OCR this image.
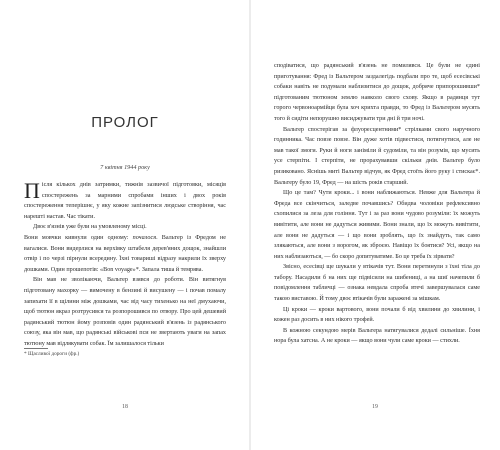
ПРОЛОГ
7 квітня 1944 року

Після кількох днів затримки, тижнів зазвичої підготовки, місяців спостережень за марними спробами інших і двох років спостереження теперішнє, у яку кожне запізнитися людське створіння, час нарешті настав. Час тікати.

Двоє в'язнів уже були на умовленому місці.

Вони мовчки кивнули один одному: почалося. Вальтер із Фредом не вагалися. Вони видерлися на верхівку штабеля дерев'яних дощок, знайшли отвір і по черзі пірнули всередину. Їхні товариші відразу накрили їх зверху дошками. Один прошепотів: «Bon voyage»*. Запала тиша й темрява.

Він мав не зволікаючи, Вальтер взявся до роботи. Він витягнув підготовану махорку — вимочену в бензині й висушену — і почав помалу запихати її в щілини між дошками, час від часу тихенько на неї дмухаючи, щоб тютюн якраз розтрусився та розпорошився по отвору. Про цей дешевий радянський тютюн йому розповів один радянський в'язень із радянського союзу, яка він мав, що радянські військові пси не звертають уваги на запах тютюну мав відлякувати собак. Їм залишалося тільки

* Щасливої дороги (фр.)
18

сподіватися, що радянський в'язень не помилявся. Це були не єдині приготування: Фред із Вальтером заздалегідь подбали про те, щоб есесівські собаки навіть не подумали наблизитися до дощок, добряче припорошивши* підготованим тютюном землю навколо свого схову. Якщо в радянця тут горого червоноармійця була хоч крихта правди, то Фред із Вальтером мусять того й сидіти непорушно висиджувати три дні й три ночі.

Вальтер спостерігав за флуоресцентними* стрілками свого наручного годинника. Час повзе повзе. Він дуже хотів підвестися, потягнутися, але не мав такої змоги. Руки й ноги заніміли й судоміли, та він розумів, що мусить усе стерпіти. І стерпіти, не прорахувавши скільки днів. Вальтер було ризиковано. Яснішь миті Вальтер відчув, як Фред стоїть його руку і стискає*. Вальтеру було 19, Фред — на шість років старший.

Що це там? Чути кроки... і вони наближаються. Невже для Вальтера й Фреда все скінчиться, заледве почавшись? Обидва чоловіки рефлексивно схопилися за леза для гоління. Тут і за раз вони чудово розуміли: їх можуть вивітити, але вони не дадуться живими. Вони знали, що їх можуть вивітити, але вони не дадуться — і що вони зроблять, що їх знайдуть, так само злякаються, але вони з ворогом, як зброєю. Навіщо їх боятися? Усі, якщо на них наблизаються, — бо скоро допитуватиме. Бо це треба їх зірвати?

Звісно, есесівці ще шукали у втікачів тут. Вони перетинули з їхні тіла до табору. Насадили б на них ще підвісили на шибениці, а на шиї начепили б повідомлення табличці — ознака невдала спроба втечі завершувалася саме такою виставою. Й тому двоє втікачів були заражені за мішкам.

Ці кроки — кроки вартового, вони почали б від хвилини до хвилини, і кожен раз досить в них нікого трофей.

В кожною секундою мерів Вальтера натягувалися дедалі сильніше. Їхня нора була хатсна. А не кроки — якщо вони чули саме кроки — стихли.

19
